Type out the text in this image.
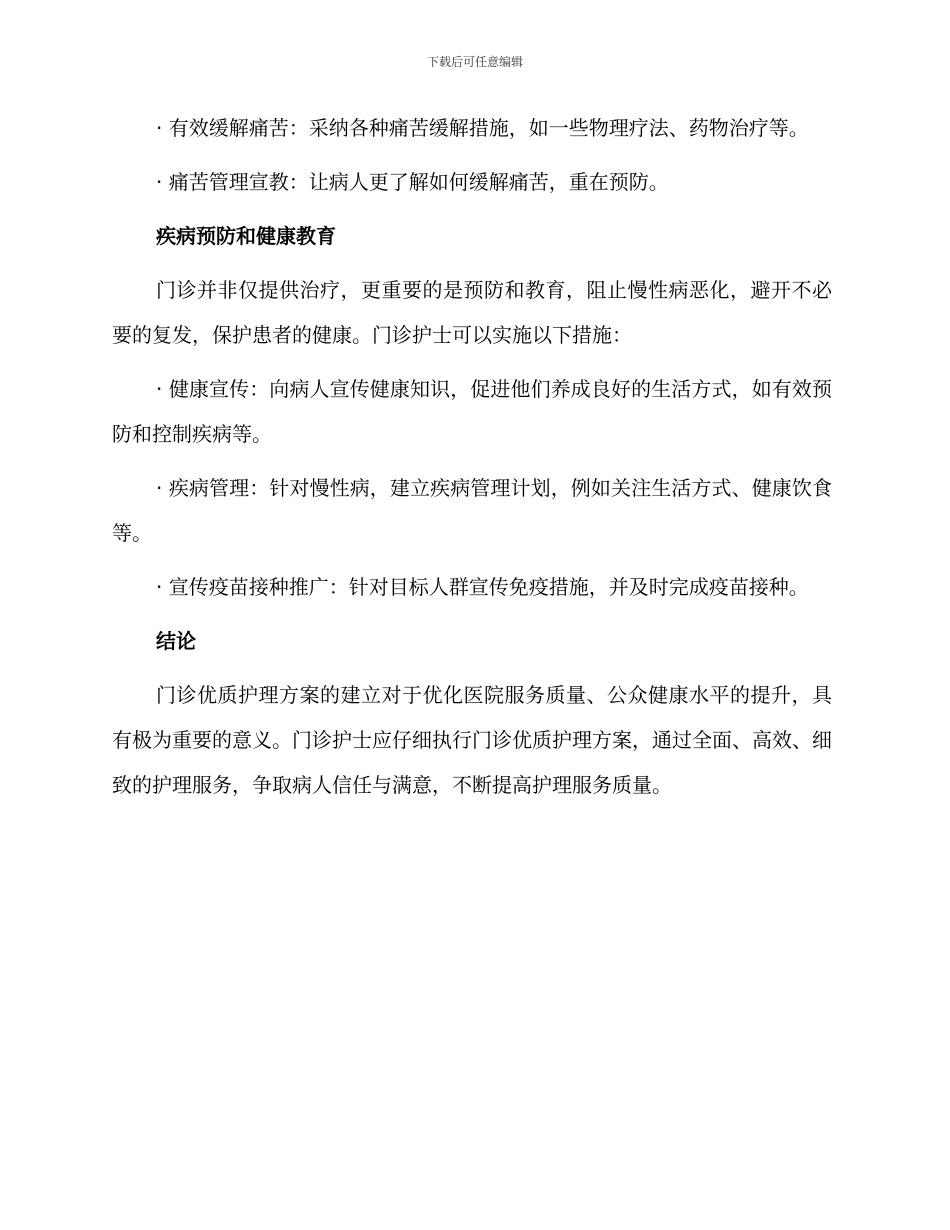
下载后可任意编辑

· 有效缓解痛苦：采纳各种痛苦缓解措施，如一些物理疗法、药物治疗等。

· 痛苦管理宣教：让病人更了解如何缓解痛苦，重在预防。

疾病预防和健康教育

门诊并非仅提供治疗，更重要的是预防和教育，阻止慢性病恶化，避开不必要的复发，保护患者的健康。门诊护士可以实施以下措施：

· 健康宣传：向病人宣传健康知识，促进他们养成良好的生活方式，如有效预防和控制疾病等。

· 疾病管理：针对慢性病，建立疾病管理计划，例如关注生活方式、健康饮食等。

· 宣传疫苗接种推广：针对目标人群宣传免疫措施，并及时完成疫苗接种。

结论

门诊优质护理方案的建立对于优化医院服务质量、公众健康水平的提升，具有极为重要的意义。门诊护士应仔细执行门诊优质护理方案，通过全面、高效、细致的护理服务，争取病人信任与满意，不断提高护理服务质量。
